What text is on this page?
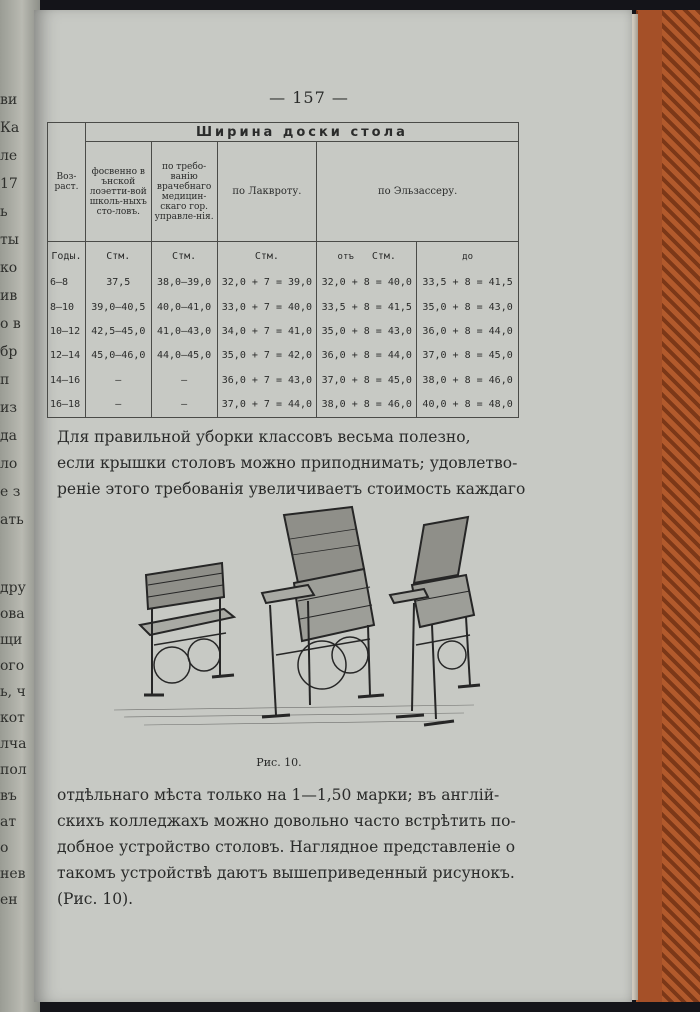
ви
Ка
ле
17
ь
ты
ко
ив
о в
бр
п
из
да
ло
е з
ать
дру
ова
щи
ого
ь, ч
кот
лча
пол
въ
ат
о
нев
ен
— 157 —
Воз-раст.	Ширина доски стола				
	фосвенно в ънской лоэетти-вой школь-ныхъ сто-ловъ.	по требо-ванію врачебнаго медицин-скаго гор. управле-нія.	по Лаквроту.	по Эльзассеру.	
Годы.	Стм.	Стм.	Стм.	отъ Стм.	до
6—8	37,5	38,0—39,0	32,0 + 7 = 39,0	32,0 + 8 = 40,0	33,5 + 8 = 41,5
8—10	39,0—40,5	40,0—41,0	33,0 + 7 = 40,0	33,5 + 8 = 41,5	35,0 + 8 = 43,0
10—12	42,5—45,0	41,0—43,0	34,0 + 7 = 41,0	35,0 + 8 = 43,0	36,0 + 8 = 44,0
12—14	45,0—46,0	44,0—45,0	35,0 + 7 = 42,0	36,0 + 8 = 44,0	37,0 + 8 = 45,0
14—16	—	—	36,0 + 7 = 43,0	37,0 + 8 = 45,0	38,0 + 8 = 46,0
16—18	—	—	37,0 + 7 = 44,0	38,0 + 8 = 46,0	40,0 + 8 = 48,0
Для правильной уборки классовъ весьма полезно,
если крышки столовъ можно приподнимать; удовлетво-
реніе этого требованія увеличиваетъ стоимость каждаго
Рис. 10.
отдѣльнаго мѣста только на 1—1,50 марки; въ англій-
скихъ колледжахъ можно довольно часто встрѣтить по-
добное устройство столовъ. Наглядное представленіе о
такомъ устройствѣ даютъ вышеприведенный рисунокъ.
(Рис. 10).
